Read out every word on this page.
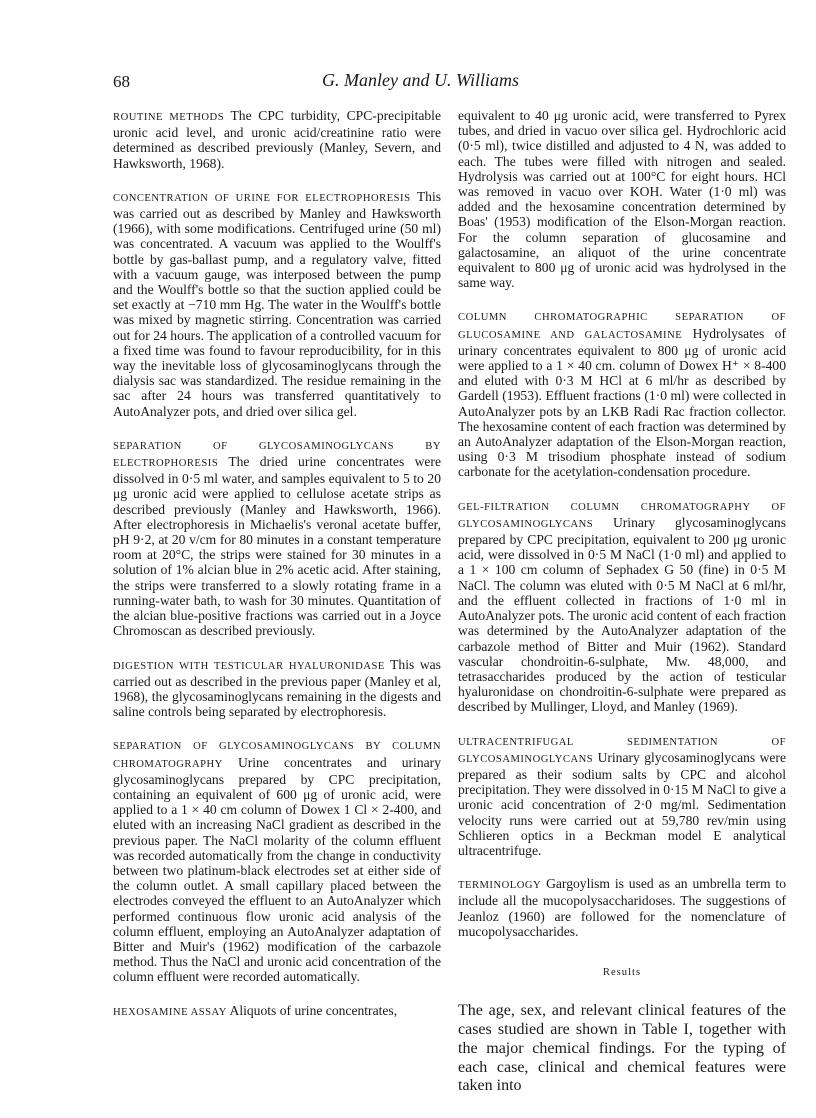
68	G. Manley and U. Williams

ROUTINE METHODS The CPC turbidity, CPC-precipitable uronic acid level, and uronic acid/creatinine ratio were determined as described previously (Manley, Severn, and Hawksworth, 1968).

CONCENTRATION OF URINE FOR ELECTROPHORESIS This was carried out as described by Manley and Hawksworth (1966), with some modifications. Centrifuged urine (50 ml) was concentrated. A vacuum was applied to the Woulff's bottle by gas-ballast pump, and a regulatory valve, fitted with a vacuum gauge, was interposed between the pump and the Woulff's bottle so that the suction applied could be set exactly at −710 mm Hg. The water in the Woulff's bottle was mixed by magnetic stirring. Concentration was carried out for 24 hours. The application of a controlled vacuum for a fixed time was found to favour reproducibility, for in this way the inevitable loss of glycosaminoglycans through the dialysis sac was standardized. The residue remaining in the sac after 24 hours was transferred quantitatively to AutoAnalyzer pots, and dried over silica gel.

SEPARATION OF GLYCOSAMINOGLYCANS BY ELECTROPHORESIS The dried urine concentrates were dissolved in 0·5 ml water, and samples equivalent to 5 to 20 μg uronic acid were applied to cellulose acetate strips as described previously (Manley and Hawksworth, 1966). After electrophoresis in Michaelis's veronal acetate buffer, pH 9·2, at 20 v/cm for 80 minutes in a constant temperature room at 20°C, the strips were stained for 30 minutes in a solution of 1% alcian blue in 2% acetic acid. After staining, the strips were transferred to a slowly rotating frame in a running-water bath, to wash for 30 minutes. Quantitation of the alcian blue-positive fractions was carried out in a Joyce Chromoscan as described previously.

DIGESTION WITH TESTICULAR HYALURONIDASE This was carried out as described in the previous paper (Manley et al, 1968), the glycosaminoglycans remaining in the digests and saline controls being separated by electrophoresis.

SEPARATION OF GLYCOSAMINOGLYCANS BY COLUMN CHROMATOGRAPHY Urine concentrates and urinary glycosaminoglycans prepared by CPC precipitation, containing an equivalent of 600 μg of uronic acid, were applied to a 1 × 40 cm column of Dowex 1 Cl × 2-400, and eluted with an increasing NaCl gradient as described in the previous paper. The NaCl molarity of the column effluent was recorded automatically from the change in conductivity between two platinum-black electrodes set at either side of the column outlet. A small capillary placed between the electrodes conveyed the effluent to an AutoAnalyzer which performed continuous flow uronic acid analysis of the column effluent, employing an AutoAnalyzer adaptation of Bitter and Muir's (1962) modification of the carbazole method. Thus the NaCl and uronic acid concentration of the column effluent were recorded automatically.

HEXOSAMINE ASSAY Aliquots of urine concentrates,

equivalent to 40 μg uronic acid, were transferred to Pyrex tubes, and dried in vacuo over silica gel. Hydrochloric acid (0·5 ml), twice distilled and adjusted to 4 N, was added to each. The tubes were filled with nitrogen and sealed. Hydrolysis was carried out at 100°C for eight hours. HCl was removed in vacuo over KOH. Water (1·0 ml) was added and the hexosamine concentration determined by Boas' (1953) modification of the Elson-Morgan reaction. For the column separation of glucosamine and galactosamine, an aliquot of the urine concentrate equivalent to 800 μg of uronic acid was hydrolysed in the same way.

COLUMN CHROMATOGRAPHIC SEPARATION OF GLUCOSAMINE AND GALACTOSAMINE Hydrolysates of urinary concentrates equivalent to 800 μg of uronic acid were applied to a 1 × 40 cm. column of Dowex H⁺ × 8-400 and eluted with 0·3 M HCl at 6 ml/hr as described by Gardell (1953). Effluent fractions (1·0 ml) were collected in AutoAnalyzer pots by an LKB Radi Rac fraction collector. The hexosamine content of each fraction was determined by an AutoAnalyzer adaptation of the Elson-Morgan reaction, using 0·3 M trisodium phosphate instead of sodium carbonate for the acetylation-condensation procedure.

GEL-FILTRATION COLUMN CHROMATOGRAPHY OF GLYCOSAMINOGLYCANS Urinary glycosaminoglycans prepared by CPC precipitation, equivalent to 200 μg uronic acid, were dissolved in 0·5 M NaCl (1·0 ml) and applied to a 1 × 100 cm column of Sephadex G 50 (fine) in 0·5 M NaCl. The column was eluted with 0·5 M NaCl at 6 ml/hr, and the effluent collected in fractions of 1·0 ml in AutoAnalyzer pots. The uronic acid content of each fraction was determined by the AutoAnalyzer adaptation of the carbazole method of Bitter and Muir (1962). Standard vascular chondroitin-6-sulphate, Mw. 48,000, and tetrasaccharides produced by the action of testicular hyaluronidase on chondroitin-6-sulphate were prepared as described by Mullinger, Lloyd, and Manley (1969).

ULTRACENTRIFUGAL SEDIMENTATION OF GLYCOSAMINOGLYCANS Urinary glycosaminoglycans were prepared as their sodium salts by CPC and alcohol precipitation. They were dissolved in 0·15 M NaCl to give a uronic acid concentration of 2·0 mg/ml. Sedimentation velocity runs were carried out at 59,780 rev/min using Schlieren optics in a Beckman model E analytical ultracentrifuge.

TERMINOLOGY Gargoylism is used as an umbrella term to include all the mucopolysaccharidoses. The suggestions of Jeanloz (1960) are followed for the nomenclature of mucopolysaccharides.

Results

The age, sex, and relevant clinical features of the cases studied are shown in Table I, together with the major chemical findings. For the typing of each case, clinical and chemical features were taken into
